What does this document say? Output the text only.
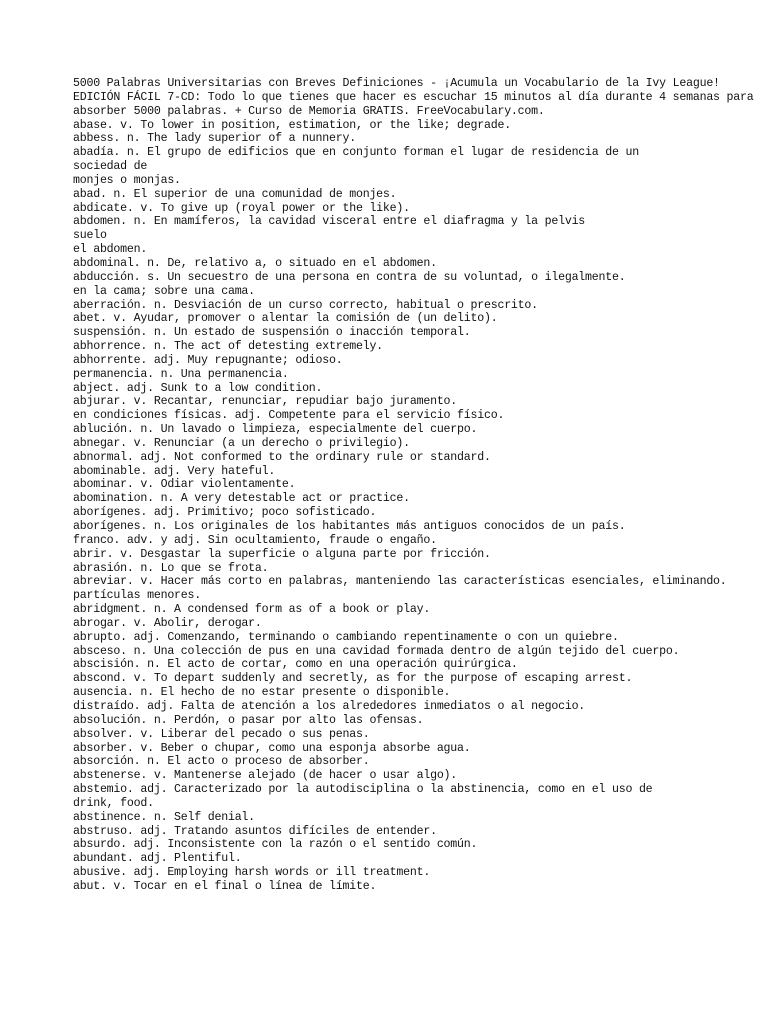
5000 Palabras Universitarias con Breves Definiciones - ¡Acumula un Vocabulario de la Ivy League!
EDICIÓN FÁCIL 7-CD: Todo lo que tienes que hacer es escuchar 15 minutos al día durante 4 semanas para
absorber 5000 palabras. + Curso de Memoria GRATIS. FreeVocabulary.com.
abase. v. To lower in position, estimation, or the like; degrade.
abbess. n. The lady superior of a nunnery.
abadía. n. El grupo de edificios que en conjunto forman el lugar de residencia de un
sociedad de
monjes o monjas.
abad. n. El superior de una comunidad de monjes.
abdicate. v. To give up (royal power or the like).
abdomen. n. En mamíferos, la cavidad visceral entre el diafragma y la pelvis
suelo
el abdomen.
abdominal. n. De, relativo a, o situado en el abdomen.
abducción. s. Un secuestro de una persona en contra de su voluntad, o ilegalmente.
en la cama; sobre una cama.
aberración. n. Desviación de un curso correcto, habitual o prescrito.
abet. v. Ayudar, promover o alentar la comisión de (un delito).
suspensión. n. Un estado de suspensión o inacción temporal.
abhorrence. n. The act of detesting extremely.
abhorrente. adj. Muy repugnante; odioso.
permanencia. n. Una permanencia.
abject. adj. Sunk to a low condition.
abjurar. v. Recantar, renunciar, repudiar bajo juramento.
en condiciones físicas. adj. Competente para el servicio físico.
ablución. n. Un lavado o limpieza, especialmente del cuerpo.
abnegar. v. Renunciar (a un derecho o privilegio).
abnormal. adj. Not conformed to the ordinary rule or standard.
abominable. adj. Very hateful.
abominar. v. Odiar violentamente.
abomination. n. A very detestable act or practice.
aborígenes. adj. Primitivo; poco sofisticado.
aborígenes. n. Los originales de los habitantes más antiguos conocidos de un país.
franco. adv. y adj. Sin ocultamiento, fraude o engaño.
abrir. v. Desgastar la superficie o alguna parte por fricción.
abrasión. n. Lo que se frota.
abreviar. v. Hacer más corto en palabras, manteniendo las características esenciales, eliminando.
partículas menores.
abridgment. n. A condensed form as of a book or play.
abrogar. v. Abolir, derogar.
abrupto. adj. Comenzando, terminando o cambiando repentinamente o con un quiebre.
absceso. n. Una colección de pus en una cavidad formada dentro de algún tejido del cuerpo.
abscisión. n. El acto de cortar, como en una operación quirúrgica.
abscond. v. To depart suddenly and secretly, as for the purpose of escaping arrest.
ausencia. n. El hecho de no estar presente o disponible.
distraído. adj. Falta de atención a los alrededores inmediatos o al negocio.
absolución. n. Perdón, o pasar por alto las ofensas.
absolver. v. Liberar del pecado o sus penas.
absorber. v. Beber o chupar, como una esponja absorbe agua.
absorción. n. El acto o proceso de absorber.
abstenerse. v. Mantenerse alejado (de hacer o usar algo).
abstemio. adj. Caracterizado por la autodisciplina o la abstinencia, como en el uso de
drink, food.
abstinence. n. Self denial.
abstruso. adj. Tratando asuntos difíciles de entender.
absurdo. adj. Inconsistente con la razón o el sentido común.
abundant. adj. Plentiful.
abusive. adj. Employing harsh words or ill treatment.
abut. v. Tocar en el final o línea de límite.
